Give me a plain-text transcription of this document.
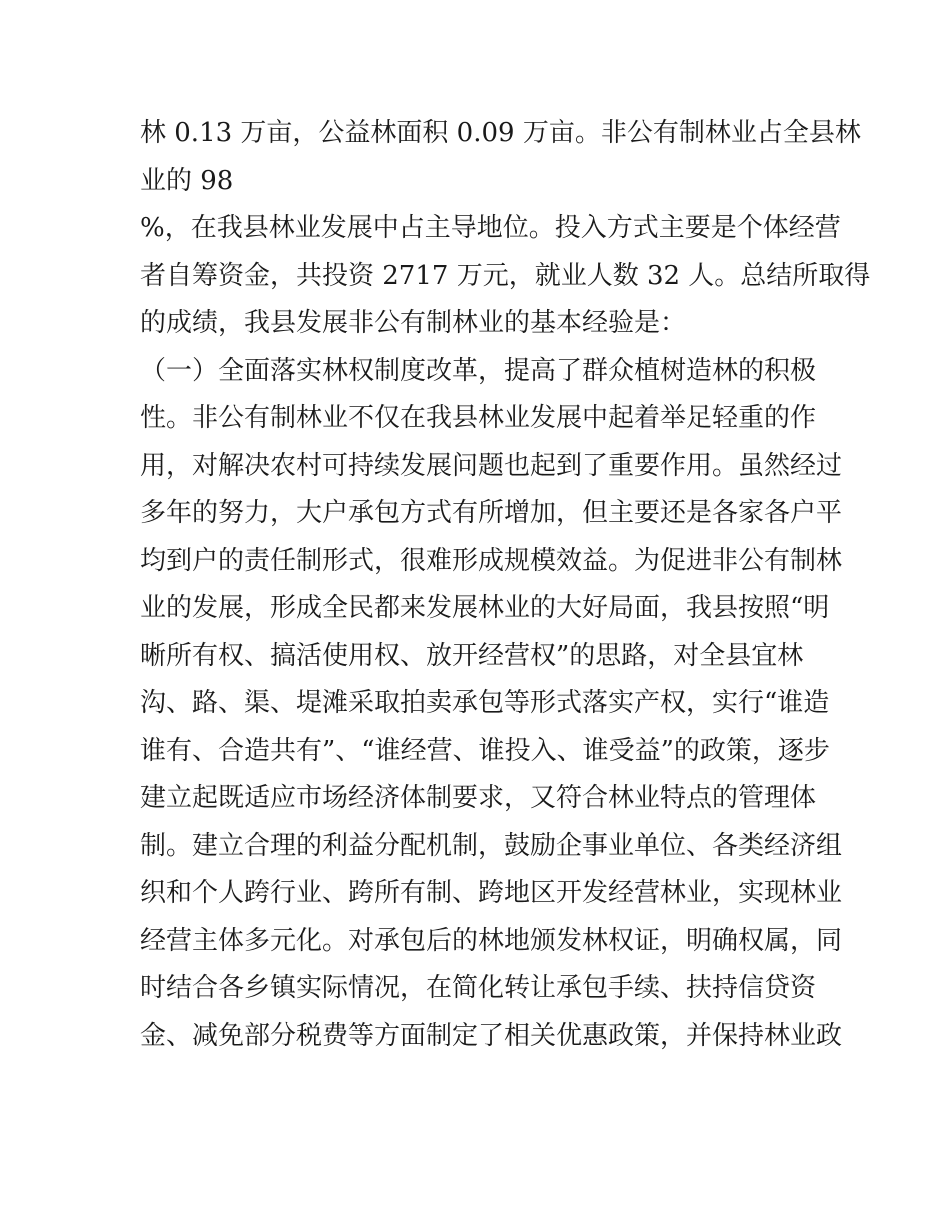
林 0.13 万亩，公益林面积 0.09 万亩。非公有制林业占全县林
业的 98
%，在我县林业发展中占主导地位。投入方式主要是个体经营
者自筹资金，共投资 2717 万元，就业人数 32 人。总结所取得
的成绩，我县发展非公有制林业的基本经验是：
（一）全面落实林权制度改革，提高了群众植树造林的积极
性。非公有制林业不仅在我县林业发展中起着举足轻重的作
用，对解决农村可持续发展问题也起到了重要作用。虽然经过
多年的努力，大户承包方式有所增加，但主要还是各家各户平
均到户的责任制形式，很难形成规模效益。为促进非公有制林
业的发展，形成全民都来发展林业的大好局面，我县按照“明
晰所有权、搞活使用权、放开经营权”的思路，对全县宜林
沟、路、渠、堤滩采取拍卖承包等形式落实产权，实行“谁造
谁有、合造共有”、“谁经营、谁投入、谁受益”的政策，逐步
建立起既适应市场经济体制要求，又符合林业特点的管理体
制。建立合理的利益分配机制，鼓励企事业单位、各类经济组
织和个人跨行业、跨所有制、跨地区开发经营林业，实现林业
经营主体多元化。对承包后的林地颁发林权证，明确权属，同
时结合各乡镇实际情况，在简化转让承包手续、扶持信贷资
金、减免部分税费等方面制定了相关优惠政策，并保持林业政
